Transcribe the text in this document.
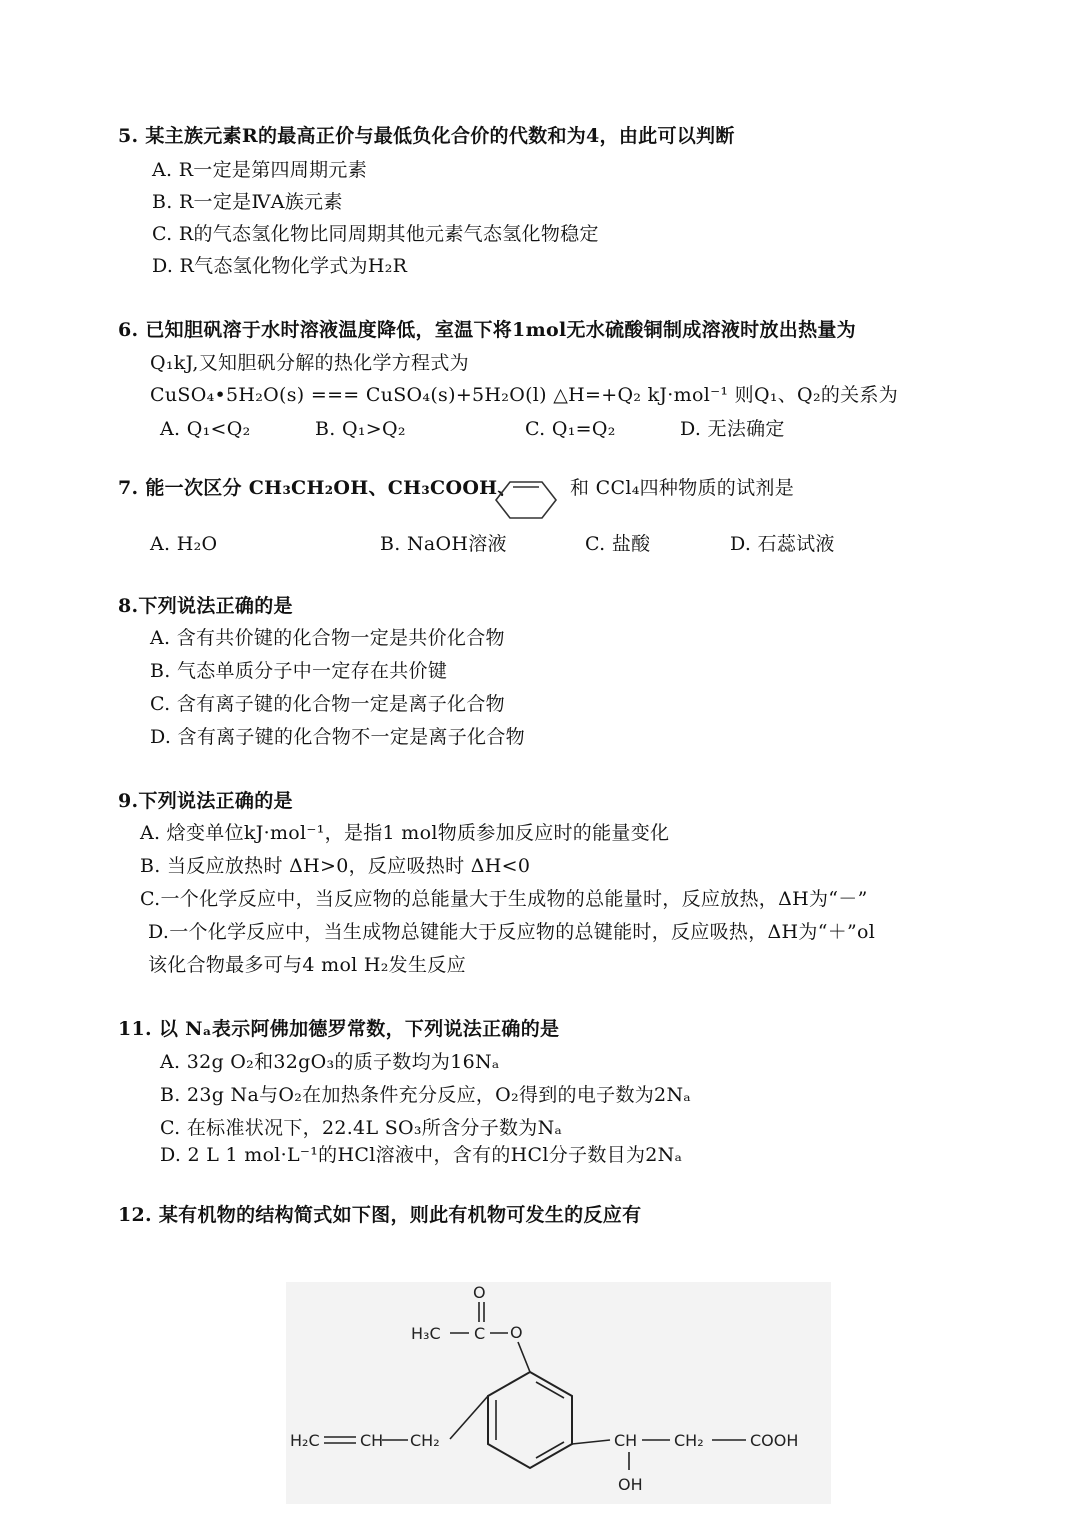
5. 某主族元素R的最高正价与最低负化合价的代数和为4，由此可以判断
A. R一定是第四周期元素
B. R一定是ⅣA族元素
C. R的气态氢化物比同周期其他元素气态氢化物稳定
D. R气态氢化物化学式为H₂R
6. 已知胆矾溶于水时溶液温度降低，室温下将1mol无水硫酸铜制成溶液时放出热量为
Q₁kJ,又知胆矾分解的热化学方程式为
CuSO₄•5H₂O(s) === CuSO₄(s)+5H₂O(l) △H=+Q₂ kJ·mol⁻¹ 则Q₁、Q₂的关系为
A. Q₁<Q₂	B. Q₁>Q₂	C. Q₁=Q₂	D. 无法确定
7. 能一次区分 CH₃CH₂OH、CH₃COOH、	和 CCl₄四种物质的试剂是
A. H₂O	B. NaOH溶液	C. 盐酸	D. 石蕊试液
8.下列说法正确的是
A. 含有共价键的化合物一定是共价化合物
B. 气态单质分子中一定存在共价键
C. 含有离子键的化合物一定是离子化合物
D. 含有离子键的化合物不一定是离子化合物
9.下列说法正确的是
A. 焓变单位kJ·mol⁻¹，是指1 mol物质参加反应时的能量变化
B. 当反应放热时 ΔH>0，反应吸热时 ΔH<0
C.一个化学反应中，当反应物的总能量大于生成物的总能量时，反应放热，ΔH为“－”
D.一个化学反应中，当生成物总键能大于反应物的总键能时，反应吸热，ΔH为“＋”ol
该化合物最多可与4 mol H₂发生反应
11. 以 Nₐ表示阿佛加德罗常数，下列说法正确的是
A. 32g O₂和32gO₃的质子数均为16Nₐ
B. 23g Na与O₂在加热条件充分反应，O₂得到的电子数为2Nₐ
C. 在标准状况下，22.4L SO₃所含分子数为Nₐ
D. 2 L 1 mol·L⁻¹的HCl溶液中，含有的HCl分子数目为2Nₐ
12. 某有机物的结构简式如下图，则此有机物可发生的反应有
O
C
O
H₃C
CH₂
CH
H₂C	CH
OH
CH₂	COOH
